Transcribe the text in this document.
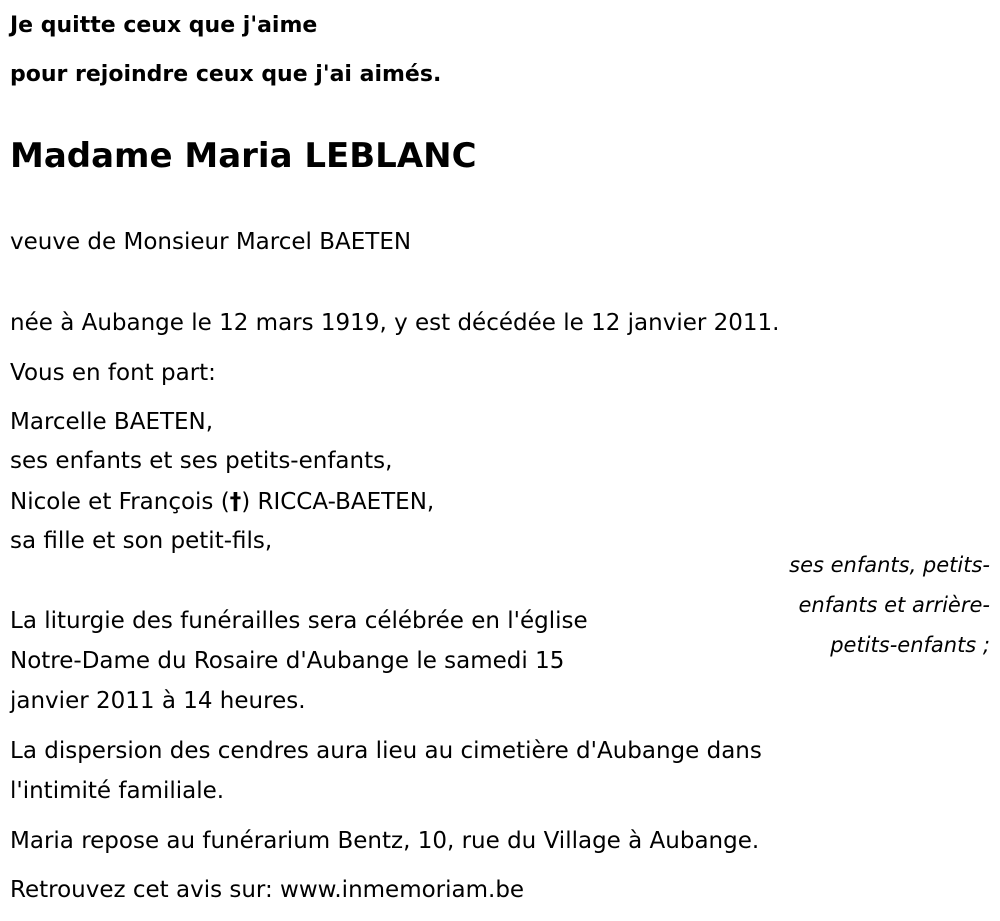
Je quitte ceux que j'aime
pour rejoindre ceux que j'ai aimés.
Madame Maria LEBLANC
veuve de Monsieur Marcel BAETEN
née à Aubange le 12 mars 1919, y est décédée le 12 janvier 2011.
Vous en font part:
Marcelle BAETEN,
ses enfants et ses petits-enfants,
Nicole et François (†) RICCA-BAETEN,
sa fille et son petit-fils,
ses enfants, petits-
enfants et arrière-
petits-enfants ;
La liturgie des funérailles sera célébrée en l'église
Notre-Dame du Rosaire d'Aubange le samedi 15
janvier 2011 à 14 heures.
La dispersion des cendres aura lieu au cimetière d'Aubange dans
l'intimité familiale.
Maria repose au funérarium Bentz, 10, rue du Village à Aubange.
Retrouvez cet avis sur: www.inmemoriam.be
